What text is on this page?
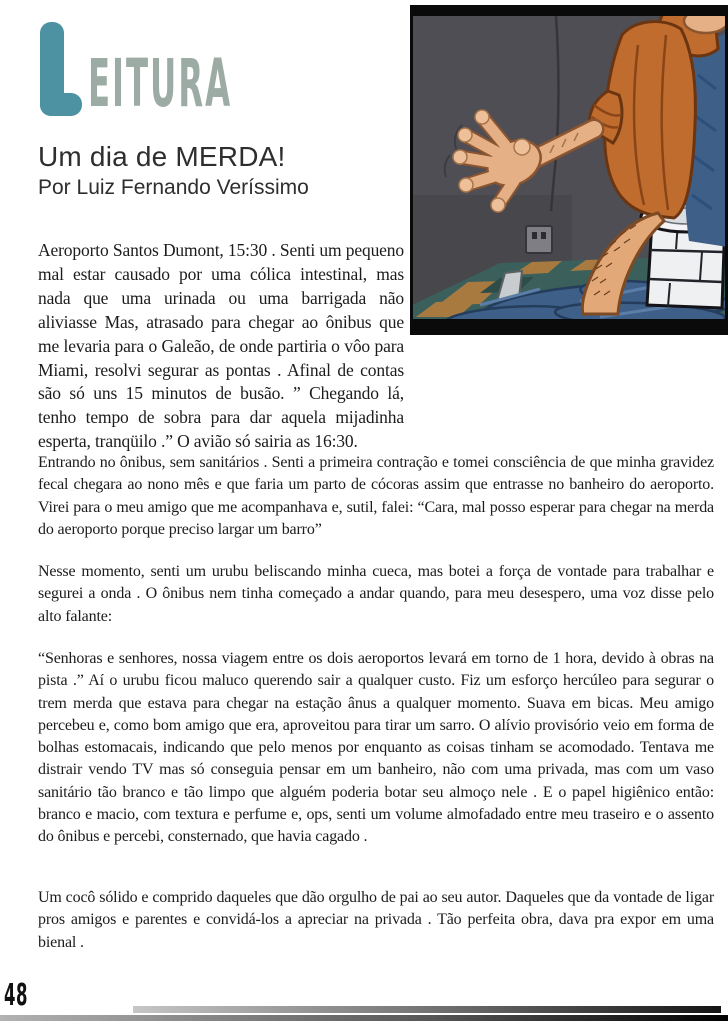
EITURA
Um dia de MERDA!
Por Luiz Fernando Veríssimo

Aeroporto Santos Dumont, 15:30 . Senti um pequeno mal estar causado por uma cólica intestinal, mas nada que uma urinada ou uma barrigada não aliviasse Mas, atrasado para chegar ao ônibus que me levaria para o Galeão, de onde partiria o vôo para Miami, resolvi segurar as pontas . Afinal de contas são só uns 15 minutos de busão. ” Chegando lá, tenho tempo de sobra para dar aquela mijadinha esperta, tranqüilo .” O avião só sairia as 16:30.

Entrando no ônibus, sem sanitários . Senti a primeira contração e tomei consciência de que minha gravidez fecal chegara ao nono mês e que faria um parto de cócoras assim que entrasse no banheiro do aeroporto. Virei para o meu amigo que me acompanhava e, sutil, falei: “Cara, mal posso esperar para chegar na merda do aeroporto porque preciso largar um barro”

Nesse momento, senti um urubu beliscando minha cueca, mas botei a força de vontade para trabalhar e segurei a onda . O ônibus nem tinha começado a andar quando, para meu desespero, uma voz disse pelo alto falante:

“Senhoras e senhores, nossa viagem entre os dois aeroportos levará em torno de 1 hora, devido à obras na pista .” Aí o urubu ficou maluco querendo sair a qualquer custo. Fiz um esforço hercúleo para segurar o trem merda que estava para chegar na estação ânus a qualquer momento. Suava em bicas. Meu amigo percebeu e, como bom amigo que era, aproveitou para tirar um sarro. O alívio provisório veio em forma de bolhas estomacais, indicando que pelo menos por enquanto as coisas tinham se acomodado. Tentava me distrair vendo TV mas só conseguia pensar em um banheiro, não com uma privada, mas com um vaso sanitário tão branco e tão limpo que alguém poderia botar seu almoço nele . E o papel higiênico então: branco e macio, com textura e perfume e, ops, senti um volume almofadado entre meu traseiro e o assento do ônibus e percebi, consternado, que havia cagado .

Um cocô sólido e comprido daqueles que dão orgulho de pai ao seu autor. Daqueles que da vontade de ligar pros amigos e parentes e convidá-los a apreciar na privada . Tão perfeita obra, dava pra expor em uma bienal .

48
